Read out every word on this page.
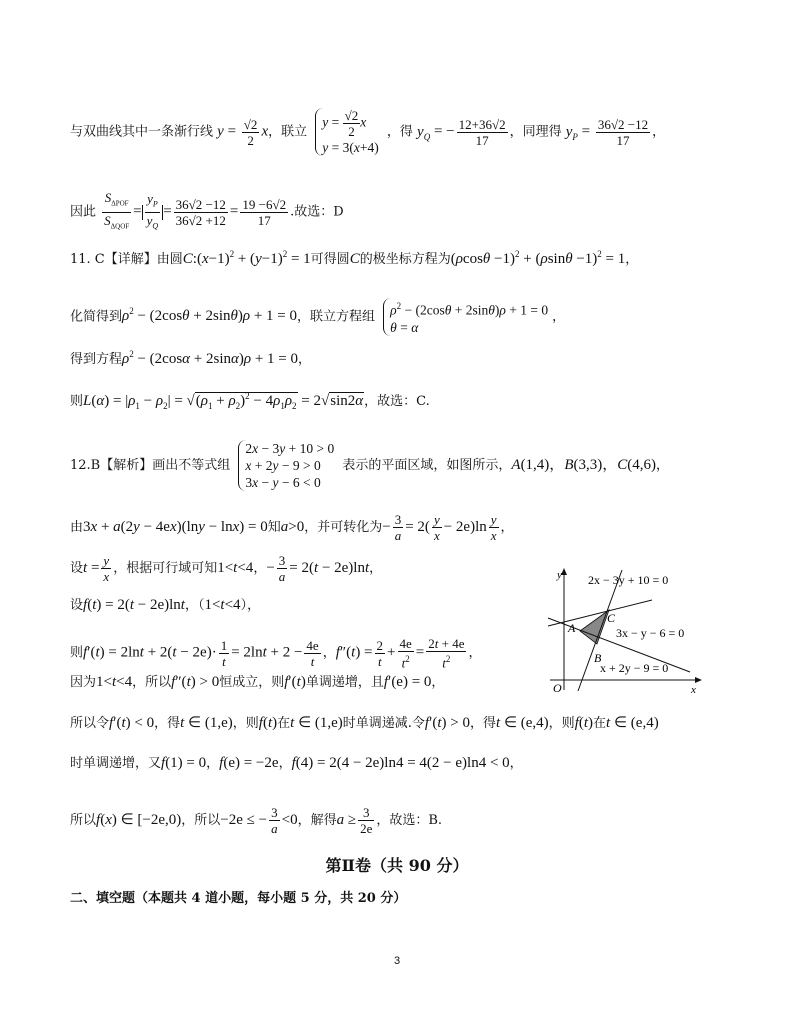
与双曲线其中一条渐行线 $y = \frac{√2}{2}$ x，联立
$y = \frac{√2}{2}$ x
y = 3(x+4)
，得 $y_Q$ = − $\frac{12+36√2}{17}$ ，同理得 $y_P = \frac{36√2 -12}{17}$ ，
因此 $\frac{S_{\Delta POF}}{S_{\Delta QOF}} = \frac{y_P}{y_Q} = \frac{36√2 -12}{36√2 +12} = \frac{19 -6√2}{17}$ .故选：D
11. C【详解】由圆$C:(x-1)^2 + (y-1)^2 = 1$可得圆C的极坐标方程为$(\rho\cos\theta -1)^2 + (\rho\sin\theta -1)^2 = 1$，
化简得到$\rho^2 - (2\cos\theta + 2\sin\theta)\rho + 1 = 0$，联立方程组 $\rho^2 - (2\cos\theta + 2\sin\theta)\rho + 1 = 0$
θ = α
，
得到方程$\rho^2 - (2\cos\alpha + 2\sin\alpha)\rho + 1 = 0$，
则$L(\alpha) = |\rho_1 - \rho_2| = √(\rho_1 + \rho_2)^2 - 4\rho_1\rho_2 = 2√\sin 2\alpha$，故选：C.
12.B【解析】画出不等式组
2x − 3y + 10 > 0
x + 2y − 9 > 0
3x − y − 6 < 0
表示的平面区域，如图所示，A(1,4)，B(3,3)，C(4,6)，
由3x + a(2y − 4ex)(lny − lnx) = 0知a>0，并可转化为− $\frac{3}{a} = 2( \frac{y}{x} - 2e)\ln \frac{y}{x}$ ，
设$t = \frac{y}{x}$ ，根据可行域可知1<t<4，− $\frac{3}{a} = 2(t - 2e)\ln t$，
设f(t) = 2(t − 2e)lnt，（1<t<4），
则$f'(t) = 2\ln t + 2(t - 2e)\cdot \frac{1}{t} = 2\ln t + 2 - \frac{4e}{t}$ ，$f''(t) = \frac{2}{t} + \frac{4e}{t^2} = \frac{2t + 4e}{t^2}$ ，
因为1<t<4，所以f″(t) > 0恒成立，则f′(t)单调递增，且f′(e) = 0，
所以令f′(t) < 0，得t ∈ (1,e)，则f(t)在t ∈ (1,e)时单调递减.令f′(t) > 0，得t ∈ (e,4)，则f(t)在t ∈ (e,4)
时单调递增，又f(1) = 0，f(e) = −2e，f(4) = 2(4 − 2e)ln4 = 4(2 − e)ln4 < 0，
所以f(x) ∈ [−2e,0)，所以−2e ≤ − $\frac{3}{a} <0$，解得$a \ge \frac{3}{2e}$ ，故选：B.
第Ⅱ卷（共 90 分）
二、填空题（本题共 4 道小题，每小题 5 分，共 20 分）
3
2x − 3y + 10 = 0
3x − y − 6 = 0
x + 2y − 9 = 0
A
B
C
O	x
y
